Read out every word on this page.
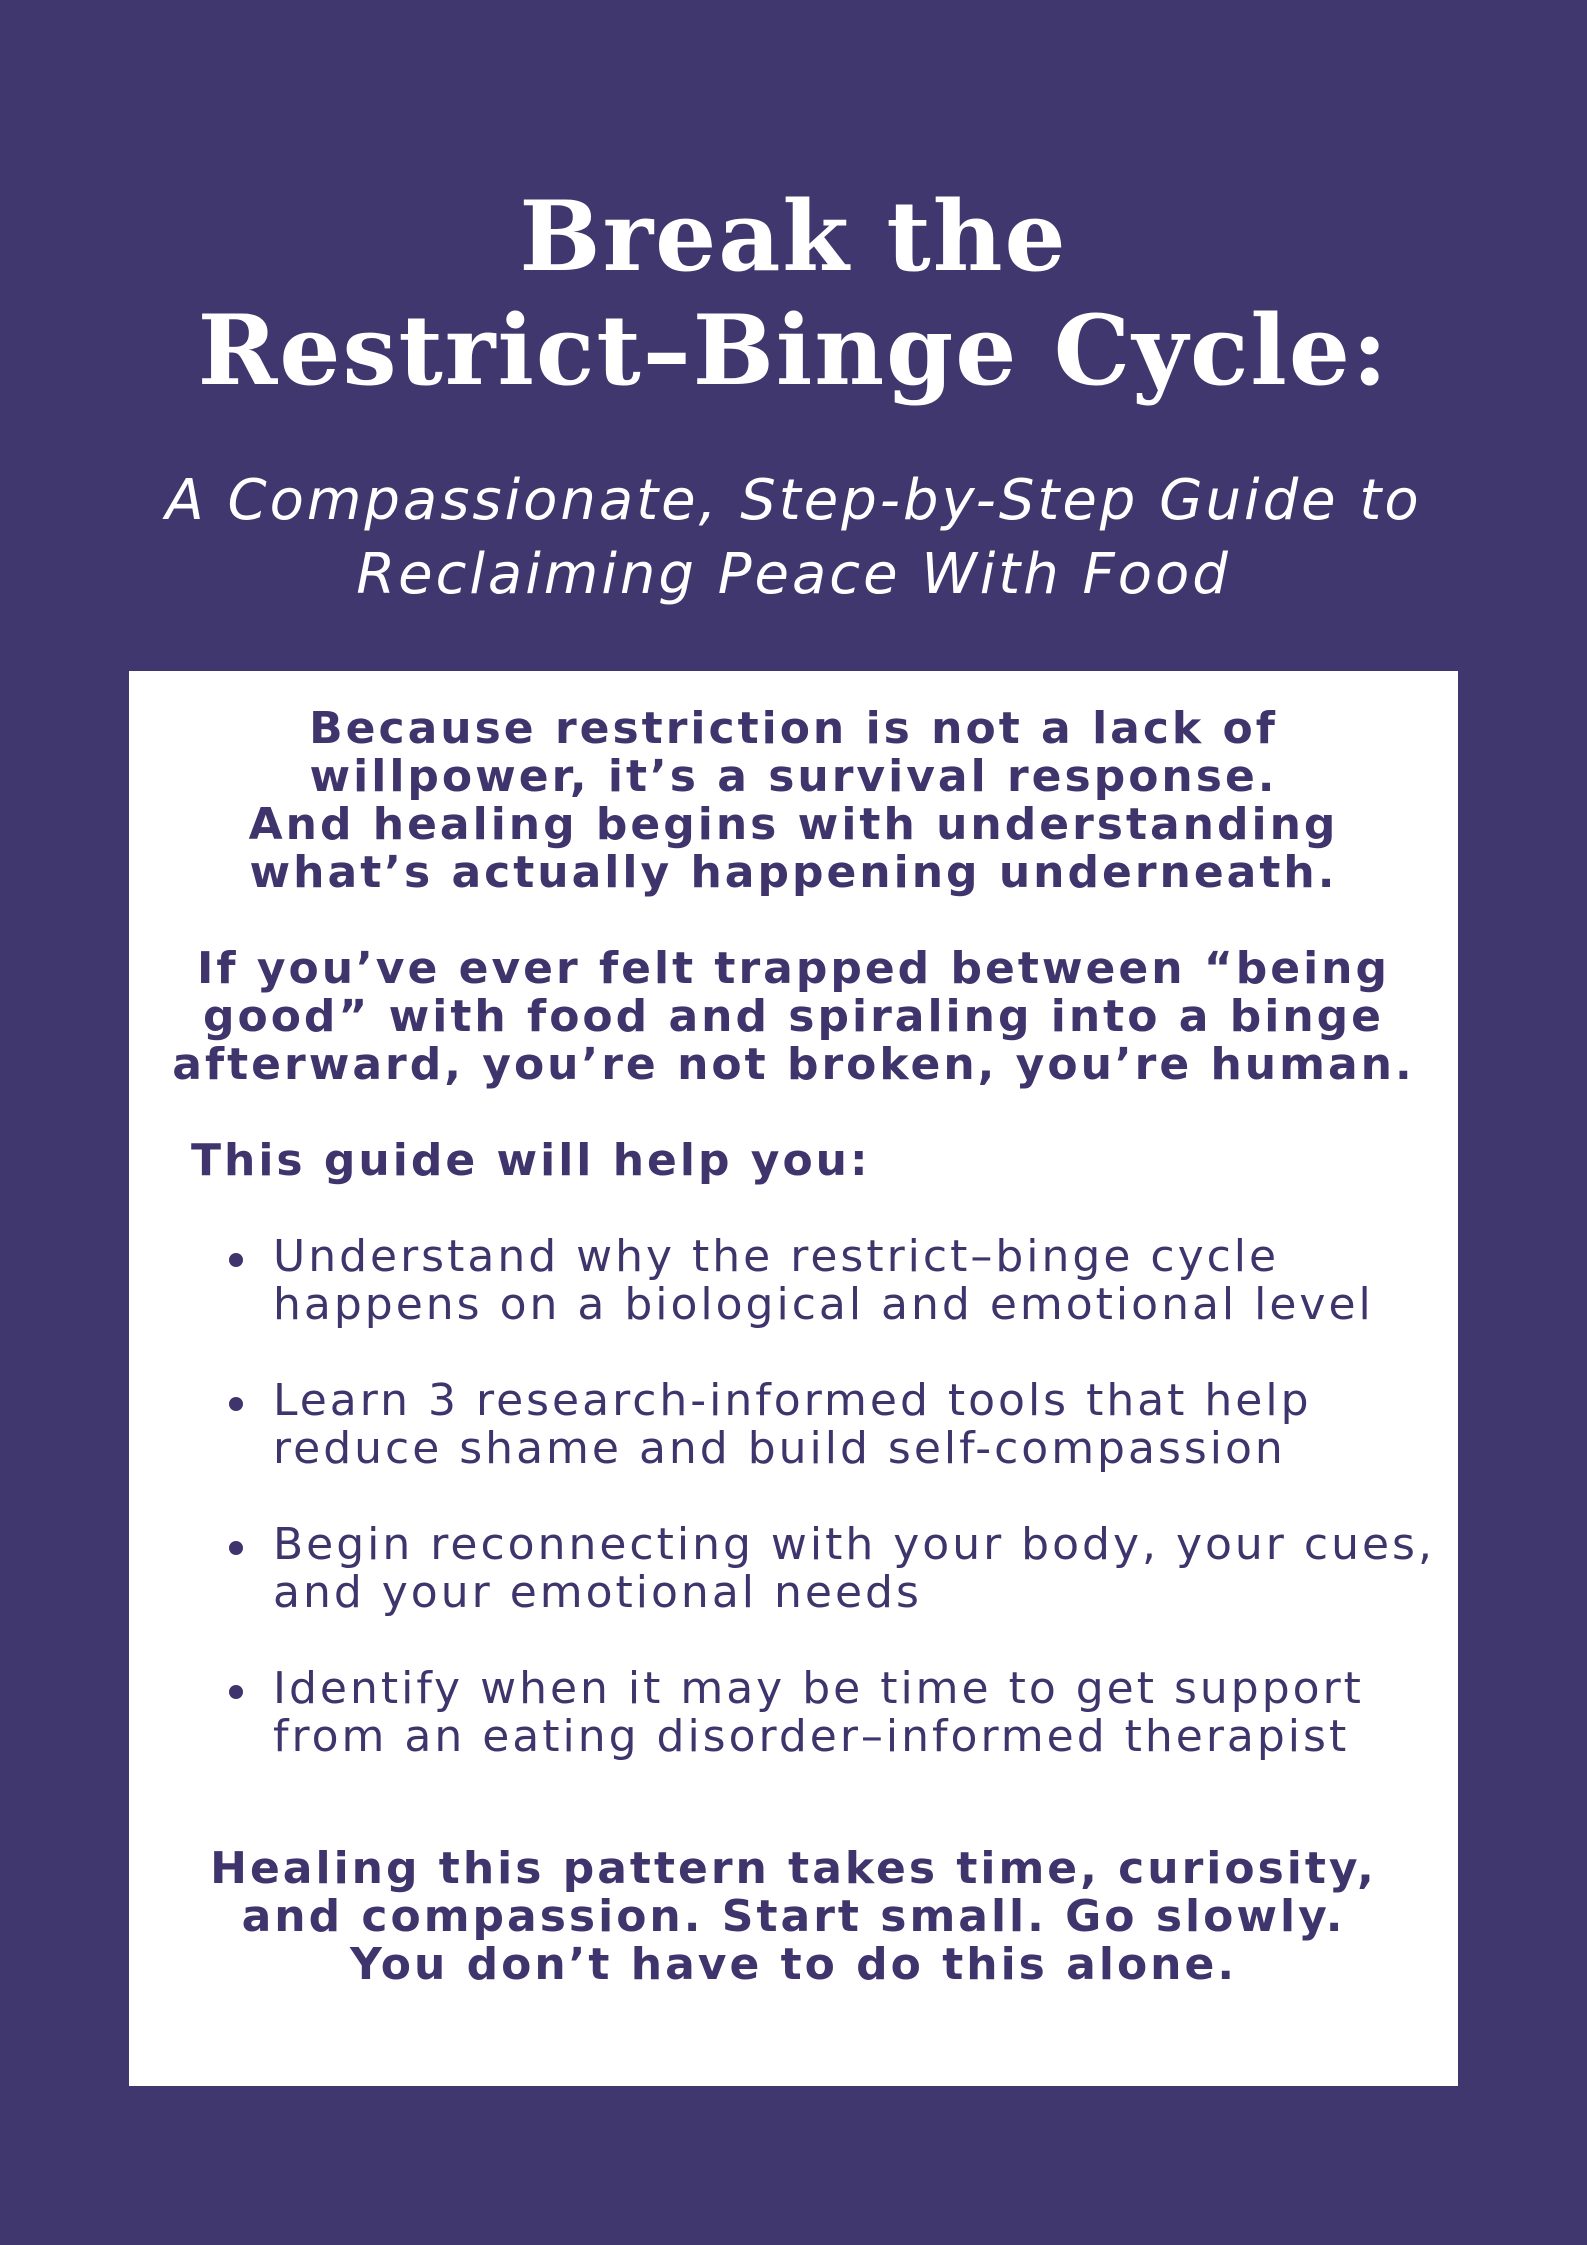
Break the
Restrict–Binge Cycle:
A Compassionate, Step-by-Step Guide to
Reclaiming Peace With Food
Because restriction is not a lack of
willpower, it’s a survival response.
And healing begins with understanding
what’s actually happening underneath.
If you’ve ever felt trapped between “being
good” with food and spiraling into a binge
afterward, you’re not broken, you’re human.
This guide will help you:
Understand why the restrict–binge cycle happens on a biological and emotional level
Learn 3 research-informed tools that help reduce shame and build self-compassion
Begin reconnecting with your body, your cues, and your emotional needs
Identify when it may be time to get support from an eating disorder–informed therapist
Healing this pattern takes time, curiosity,
and compassion. Start small. Go slowly.
You don’t have to do this alone.
